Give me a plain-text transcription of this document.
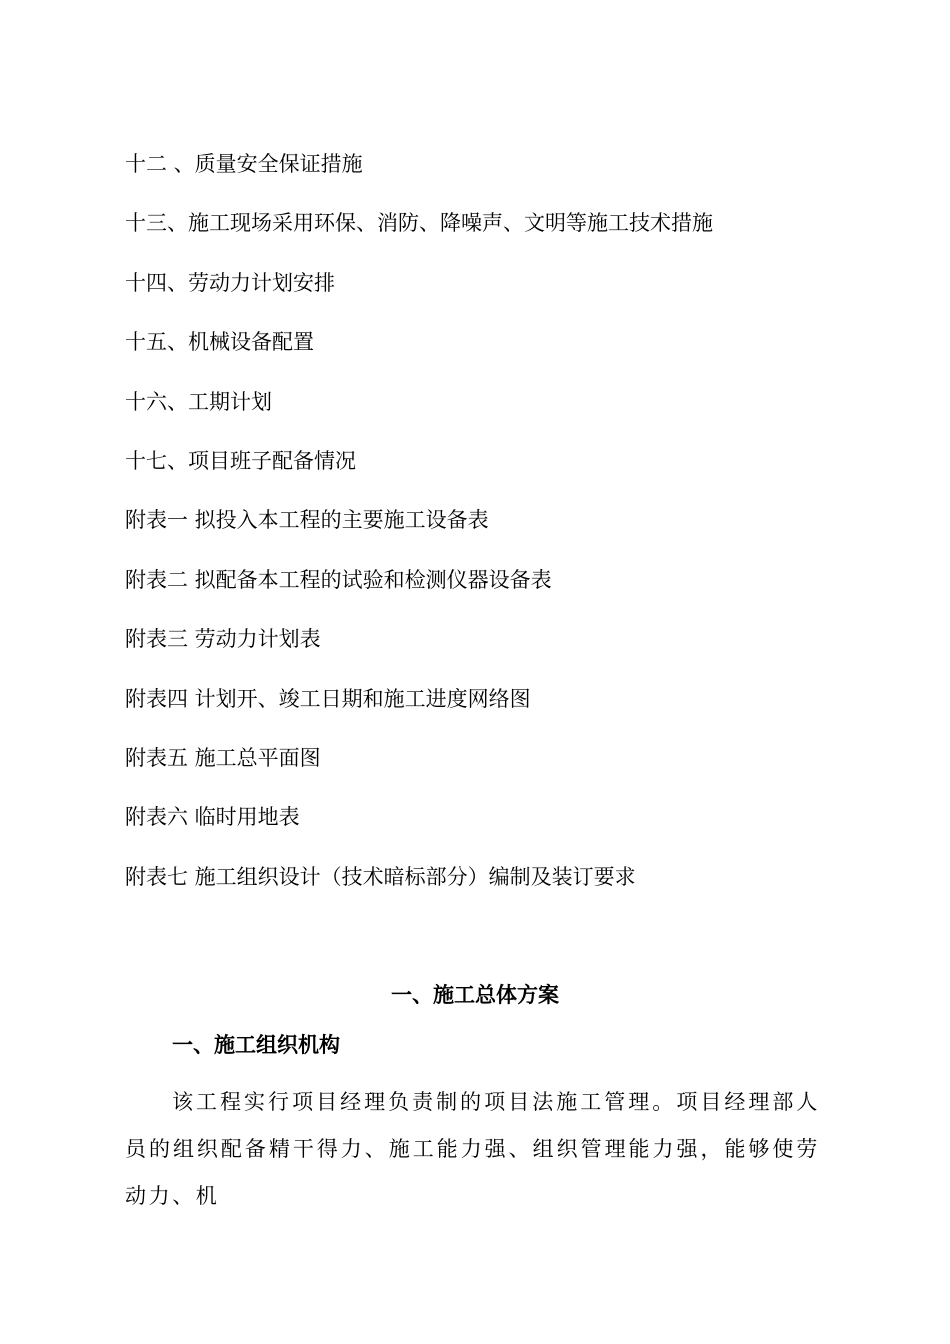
十二 、质量安全保证措施
十三、施工现场采用环保、消防、降噪声、文明等施工技术措施
十四、劳动力计划安排
十五、机械设备配置
十六、工期计划
十七、项目班子配备情况
附表一 拟投入本工程的主要施工设备表
附表二 拟配备本工程的试验和检测仪器设备表
附表三 劳动力计划表
附表四 计划开、竣工日期和施工进度网络图
附表五 施工总平面图
附表六 临时用地表
附表七 施工组织设计（技术暗标部分）编制及装订要求
一、施工总体方案
一、施工组织机构

该工程实行项目经理负责制的项目法施工管理。项目经理部人员的组织配备精干得力、施工能力强、组织管理能力强，能够使劳动力、机
